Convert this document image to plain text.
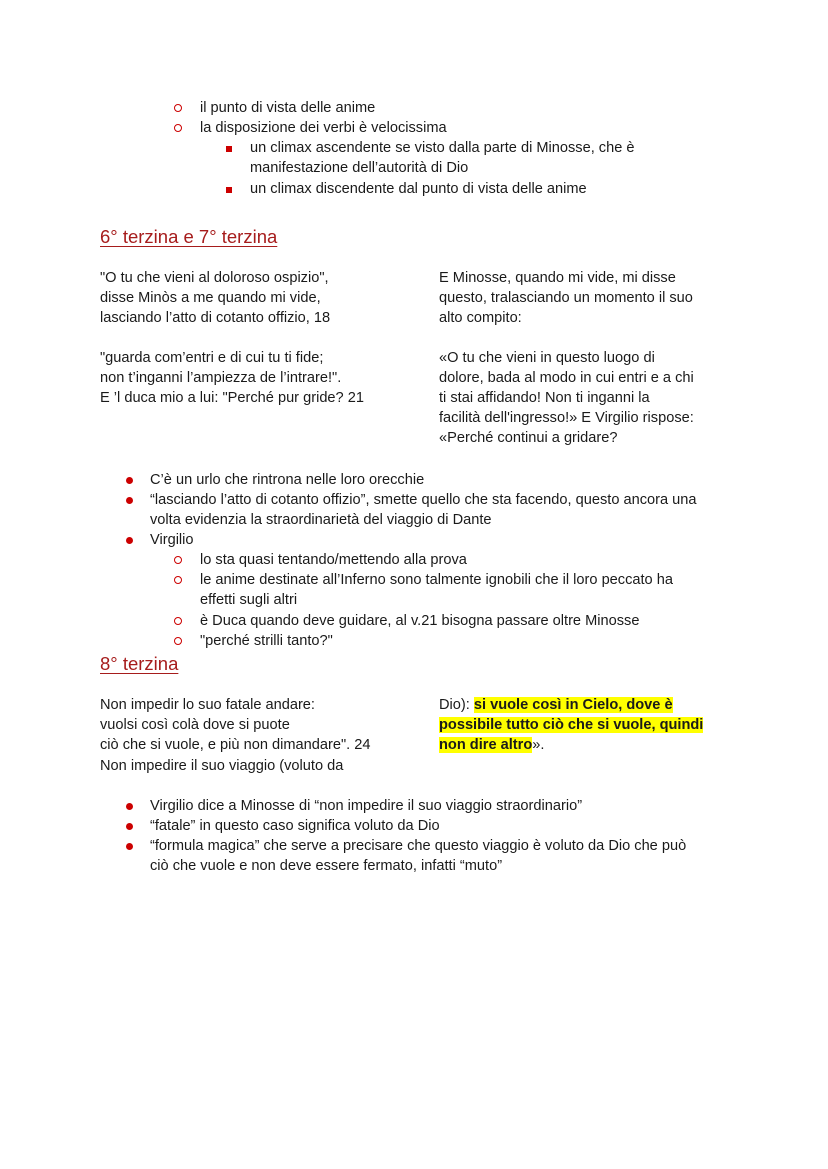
il punto di vista delle anime
la disposizione dei verbi è velocissima
un climax ascendente se visto dalla parte di Minosse, che è
manifestazione dell’autorità di Dio
un climax discendente dal punto di vista delle anime
6° terzina e 7° terzina
"O tu che vieni al doloroso ospizio",
disse Minòs a me quando mi vide,
lasciando l’atto di cotanto offizio, 18
"guarda com’entri e di cui tu ti fide;
non t’inganni l’ampiezza de l’intrare!".
E ’l duca mio a lui: "Perché pur gride? 21
E Minosse, quando mi vide, mi disse
questo, tralasciando un momento il suo
alto compito:
«O tu che vieni in questo luogo di
dolore, bada al modo in cui entri e a chi
ti stai affidando! Non ti inganni la
facilità dell'ingresso!» E Virgilio rispose:
«Perché continui a gridare?
C’è un urlo che rintrona nelle loro orecchie
“lasciando l’atto di cotanto offizio”, smette quello che sta facendo, questo ancora una
volta evidenzia la straordinarietà del viaggio di Dante
Virgilio
lo sta quasi tentando/mettendo alla prova
le anime destinate all’Inferno sono talmente ignobili che il loro peccato ha
effetti sugli altri
è Duca quando deve guidare, al v.21 bisogna passare oltre Minosse
"perché strilli tanto?"
8° terzina
Non impedir lo suo fatale andare:
vuolsi così colà dove si puote
ciò che si vuole, e più non dimandare". 24
Non impedire il suo viaggio (voluto da
Dio): si vuole così in Cielo, dove è
possibile tutto ciò che si vuole, quindi
non dire altro».
Virgilio dice a Minosse di “non impedire il suo viaggio straordinario”
“fatale” in questo caso significa voluto da Dio
“formula magica” che serve a precisare che questo viaggio è voluto da Dio che può
ciò che vuole e non deve essere fermato, infatti “muto”
